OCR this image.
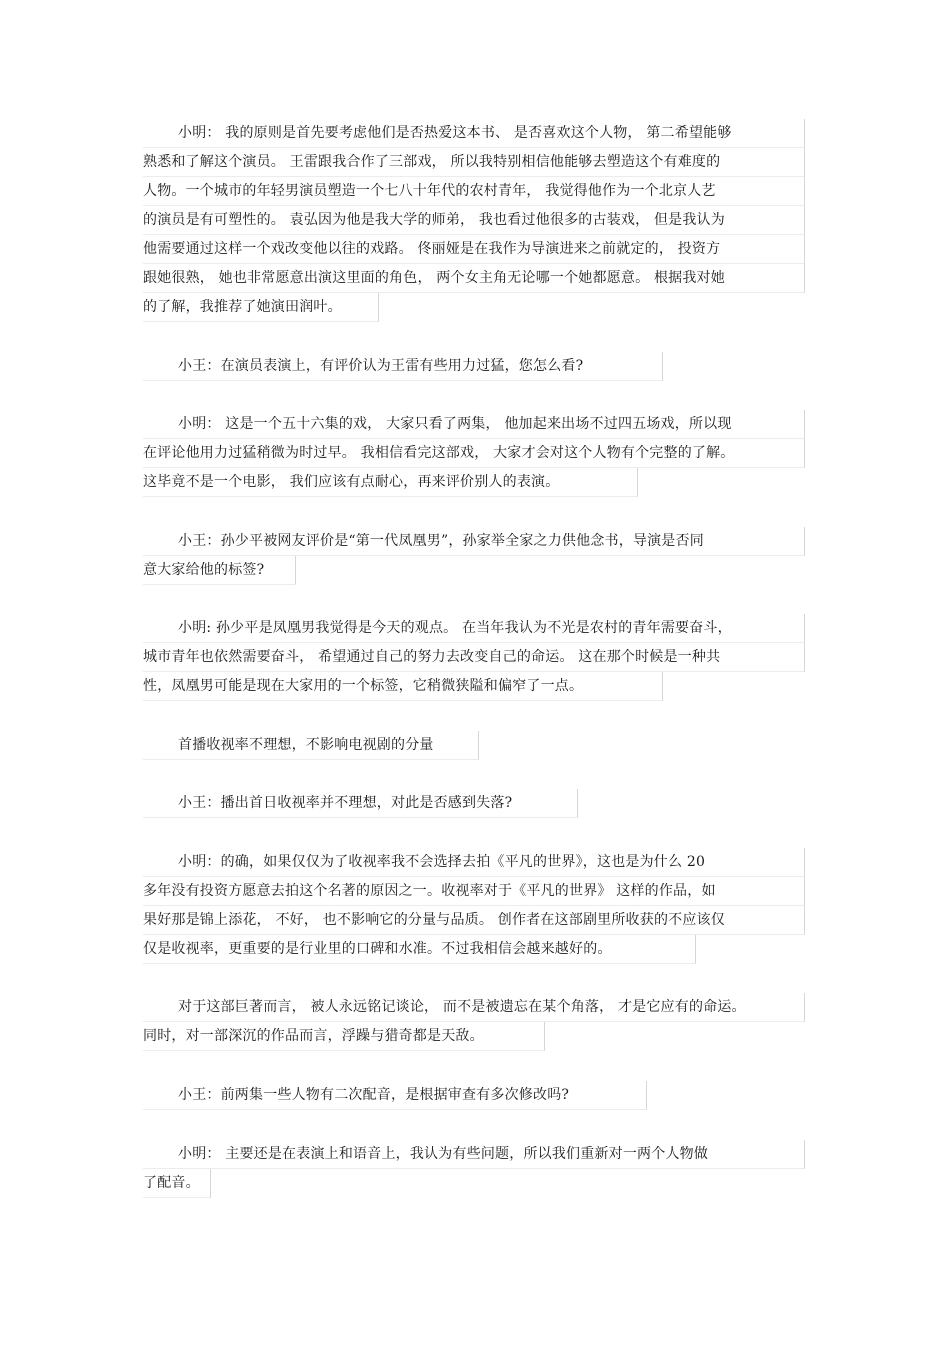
小明： 我的原则是首先要考虑他们是否热爱这本书、 是否喜欢这个人物， 第二希望能够
熟悉和了解这个演员。 王雷跟我合作了三部戏， 所以我特别相信他能够去塑造这个有难度的
人物。一个城市的年轻男演员塑造一个七八十年代的农村青年， 我觉得他作为一个北京人艺
的演员是有可塑性的。 袁弘因为他是我大学的师弟， 我也看过他很多的古装戏， 但是我认为
他需要通过这样一个戏改变他以往的戏路。 佟丽娅是在我作为导演进来之前就定的， 投资方
跟她很熟， 她也非常愿意出演这里面的角色， 两个女主角无论哪一个她都愿意。 根据我对她
的了解，我推荐了她演田润叶。
小王：在演员表演上，有评价认为王雷有些用力过猛，您怎么看?
小明： 这是一个五十六集的戏， 大家只看了两集， 他加起来出场不过四五场戏，所以现
在评论他用力过猛稍微为时过早。 我相信看完这部戏， 大家才会对这个人物有个完整的了解。
这毕竟不是一个电影， 我们应该有点耐心，再来评价别人的表演。
小王：孙少平被网友评价是“第一代凤凰男”，孙家举全家之力供他念书，导演是否同
意大家给他的标签?
小明: 孙少平是凤凰男我觉得是今天的观点。 在当年我认为不光是农村的青年需要奋斗，
城市青年也依然需要奋斗， 希望通过自己的努力去改变自己的命运。 这在那个时候是一种共
性，凤凰男可能是现在大家用的一个标签，它稍微狭隘和偏窄了一点。
首播收视率不理想，不影响电视剧的分量
小王：播出首日收视率并不理想，对此是否感到失落?
小明：的确，如果仅仅为了收视率我不会选择去拍《平凡的世界》，这也是为什么 20
多年没有投资方愿意去拍这个名著的原因之一。收视率对于《平凡的世界》 这样的作品，如
果好那是锦上添花， 不好， 也不影响它的分量与品质。 创作者在这部剧里所收获的不应该仅
仅是收视率，更重要的是行业里的口碑和水准。不过我相信会越来越好的。
对于这部巨著而言， 被人永远铭记谈论， 而不是被遗忘在某个角落， 才是它应有的命运。
同时，对一部深沉的作品而言，浮躁与猎奇都是天敌。
小王：前两集一些人物有二次配音，是根据审查有多次修改吗?
小明： 主要还是在表演上和语音上，我认为有些问题，所以我们重新对一两个人物做
了配音。
